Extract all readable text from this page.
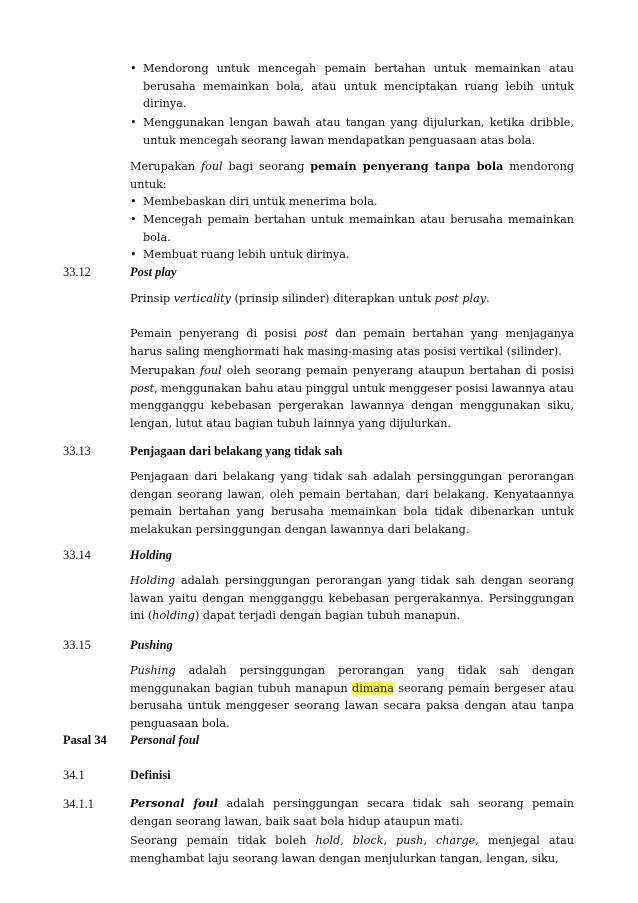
• Mendorong untuk mencegah pemain bertahan untuk memainkan atau berusaha memainkan bola, atau untuk menciptakan ruang lebih untuk dirinya.
• Menggunakan lengan bawah atau tangan yang dijulurkan, ketika dribble, untuk mencegah seorang lawan mendapatkan penguasaan atas bola.
Merupakan foul bagi seorang pemain penyerang tanpa bola mendorong untuk:
• Membebaskan diri untuk menerima bola.
• Mencegah pemain bertahan untuk memainkan atau berusaha memainkan bola.
• Membuat ruang lebih untuk dirinya.
33.12	Post play
Prinsip verticality (prinsip silinder) diterapkan untuk post play.
Pemain penyerang di posisi post dan pemain bertahan yang menjaganya harus saling menghormati hak masing-masing atas posisi vertikal (silinder).
Merupakan foul oleh seorang pemain penyerang ataupun bertahan di posisi post, menggunakan bahu atau pinggul untuk menggeser posisi lawannya atau mengganggu kebebasan pergerakan lawannya dengan menggunakan siku, lengan, lutut atau bagian tubuh lainnya yang dijulurkan.
33.13	Penjagaan dari belakang yang tidak sah
Penjagaan dari belakang yang tidak sah adalah persinggungan perorangan dengan seorang lawan, oleh pemain bertahan, dari belakang. Kenyataannya pemain bertahan yang berusaha memainkan bola tidak dibenarkan untuk melakukan persinggungan dengan lawannya dari belakang.
33.14	Holding
Holding adalah persinggungan perorangan yang tidak sah dengan seorang lawan yaitu dengan mengganggu kebebasan pergerakannya. Persinggungan ini (holding) dapat terjadi dengan bagian tubuh manapun.
33.15	Pushing
Pushing adalah persinggungan perorangan yang tidak sah dengan menggunakan bagian tubuh manapun dimana seorang pemain bergeser atau berusaha untuk menggeser seorang lawan secara paksa dengan atau tanpa penguasaan bola.
Pasal 34 Personal foul
34.1	Definisi
34.1.1	Personal foul adalah persinggungan secara tidak sah seorang pemain dengan seorang lawan, baik saat bola hidup ataupun mati.
Seorang pemain tidak boleh hold, block, push, charge, menjegal atau menghambat laju seorang lawan dengan menjulurkan tangan, lengan, siku,
